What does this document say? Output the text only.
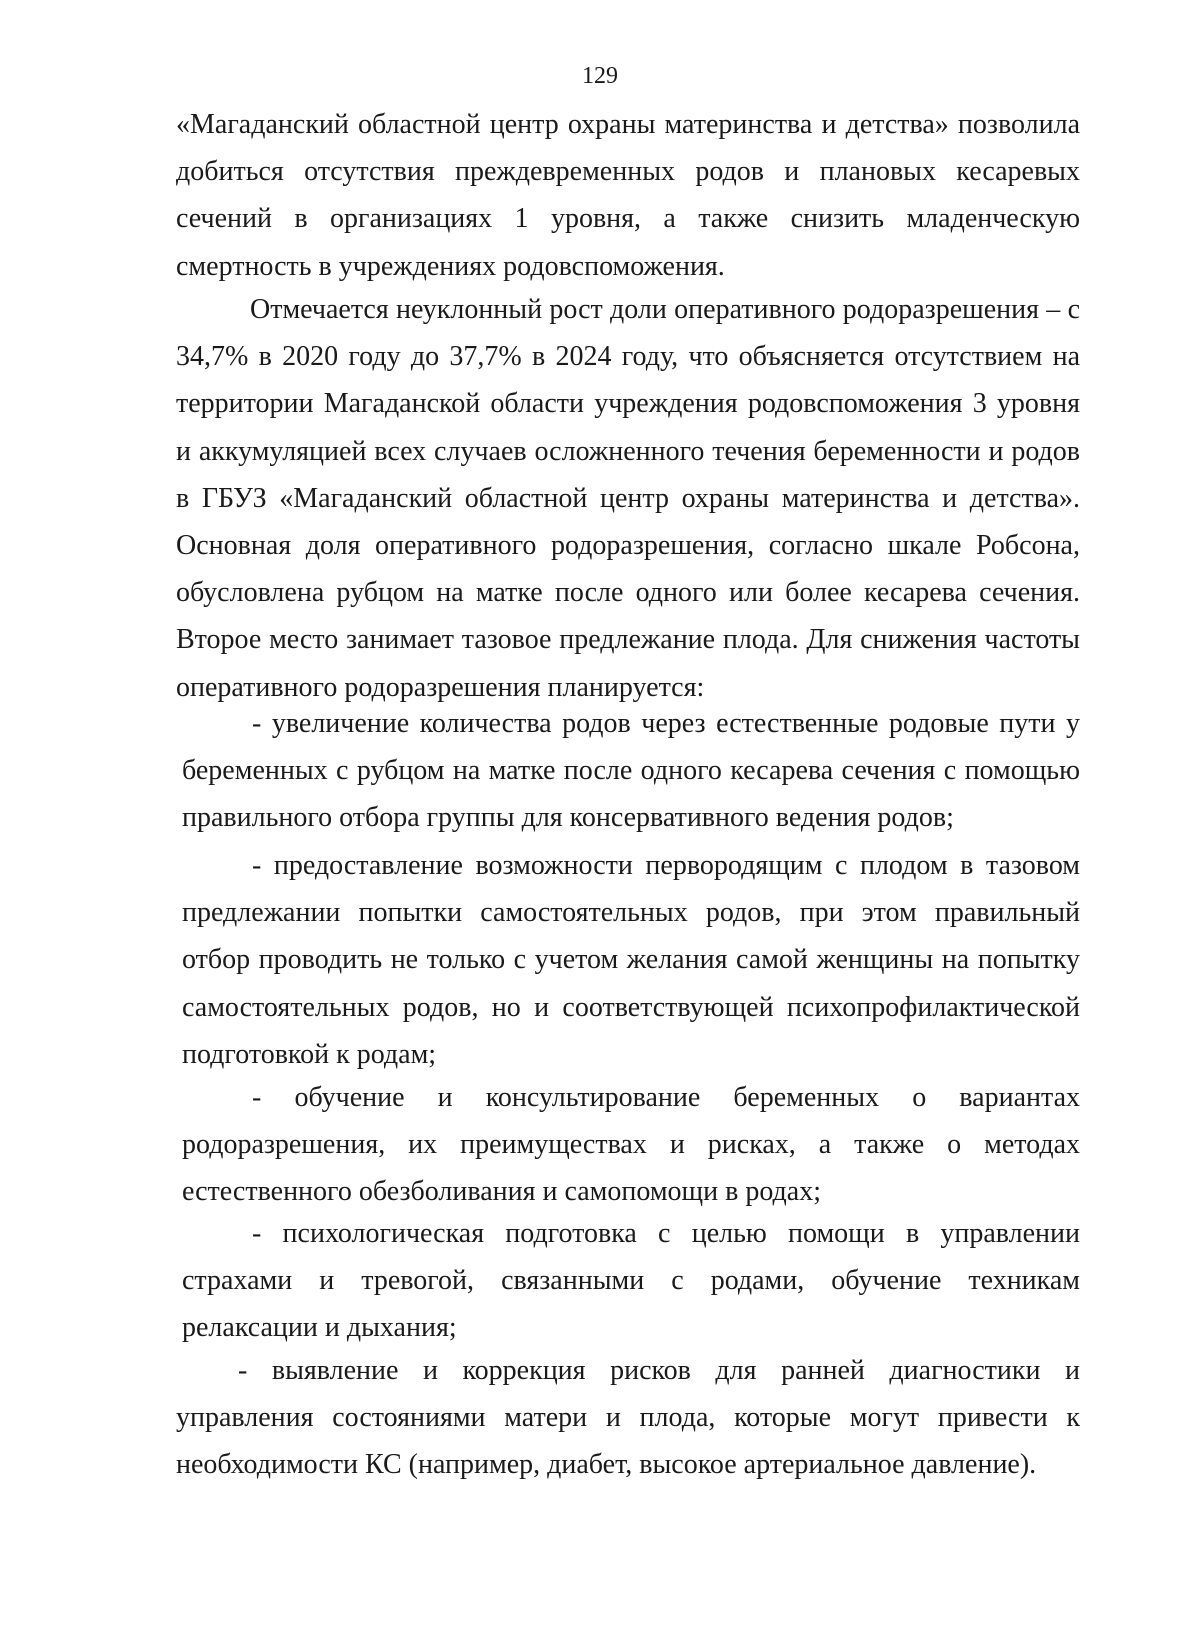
129

«Магаданский областной центр охраны материнства и детства» позволила добиться отсутствия преждевременных родов и плановых кесаревых сечений в организациях 1 уровня, а также снизить младенческую смертность в учреждениях родовспоможения.

Отмечается неуклонный рост доли оперативного родоразрешения – с 34,7% в 2020 году до 37,7% в 2024 году, что объясняется отсутствием на территории Магаданской области учреждения родовспоможения 3 уровня и аккумуляцией всех случаев осложненного течения беременности и родов в ГБУЗ «Магаданский областной центр охраны материнства и детства». Основная доля оперативного родоразрешения, согласно шкале Робсона, обусловлена рубцом на матке после одного или более кесарева сечения. Второе место занимает тазовое предлежание плода. Для снижения частоты оперативного родоразрешения планируется:

- увеличение количества родов через естественные родовые пути у беременных с рубцом на матке после одного кесарева сечения с помощью правильного отбора группы для консервативного ведения родов;

- предоставление возможности первородящим с плодом в тазовом предлежании попытки самостоятельных родов, при этом правильный отбор проводить не только с учетом желания самой женщины на попытку самостоятельных родов, но и соответствующей психопрофилактической подготовкой к родам;

- обучение и консультирование беременных о вариантах родоразрешения, их преимуществах и рисках, а также о методах естественного обезболивания и самопомощи в родах;

- психологическая подготовка с целью помощи в управлении страхами и тревогой, связанными с родами, обучение техникам релаксации и дыхания;

- выявление и коррекция рисков для ранней диагностики и управления состояниями матери и плода, которые могут привести к необходимости КС (например, диабет, высокое артериальное давление).
